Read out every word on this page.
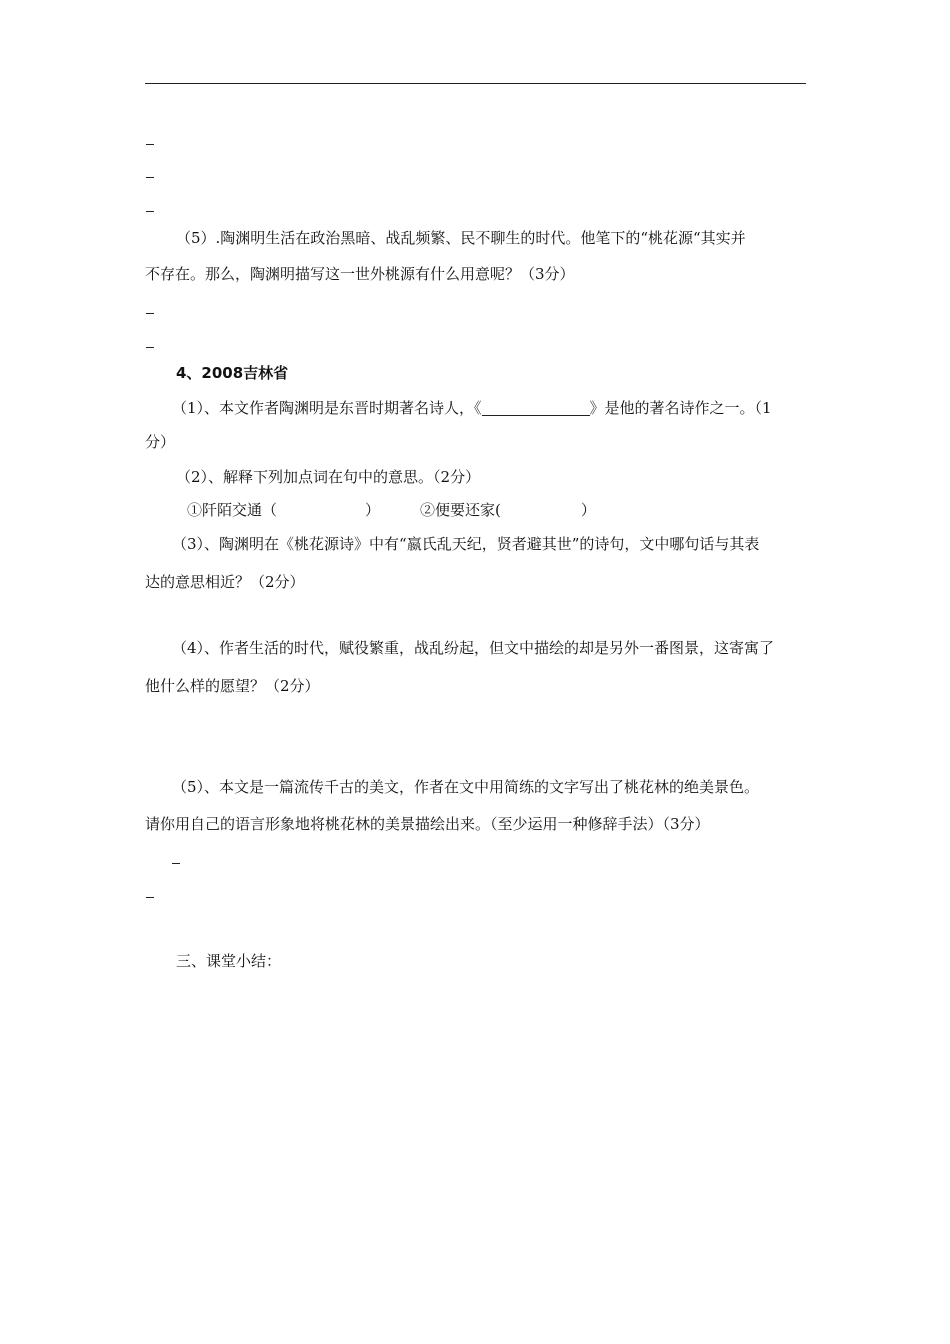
（5）.陶渊明生活在政治黑暗、战乱频繁、民不聊生的时代。他笔下的“桃花源“其实并
不存在。那么，陶渊明描写这一世外桃源有什么用意呢？（3分）
4、2008吉林省
（1）、本文作者陶渊明是东晋时期著名诗人，《	》是他的著名诗作之一。（1
分）
（2）、解释下列加点词在句中的意思。（2分）
①阡陌交通（	）	②便要还家(	）
（3）、陶渊明在《桃花源诗》中有“嬴氏乱天纪，贤者避其世”的诗句，文中哪句话与其表
达的意思相近？（2分）
（4）、作者生活的时代，赋役繁重，战乱纷起，但文中描绘的却是另外一番图景，这寄寓了
他什么样的愿望？（2分）
（5）、本文是一篇流传千古的美文，作者在文中用简练的文字写出了桃花林的绝美景色。
请你用自己的语言形象地将桃花林的美景描绘出来。（至少运用一种修辞手法）（3分）
三、课堂小结：
